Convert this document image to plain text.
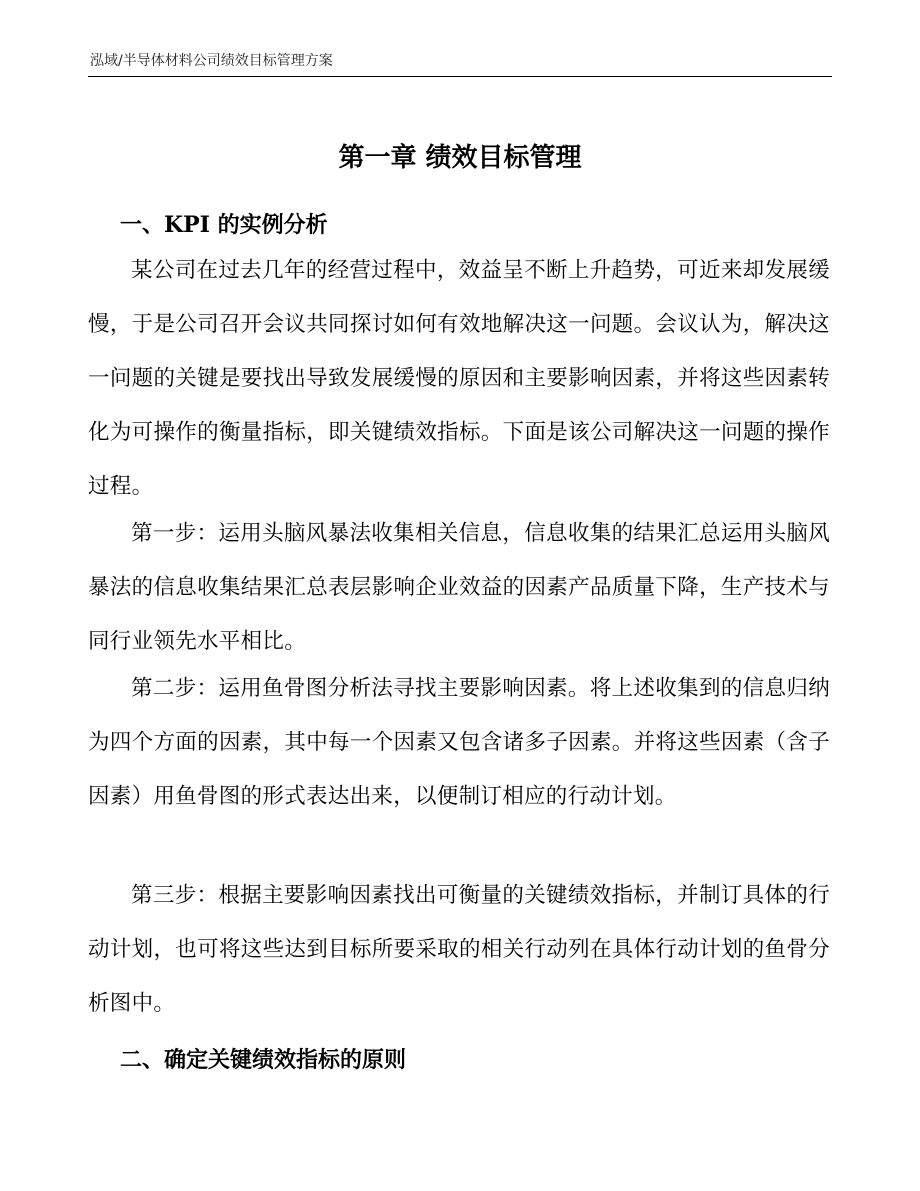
泓域/半导体材料公司绩效目标管理方案
第一章 绩效目标管理
一、KPI 的实例分析
某公司在过去几年的经营过程中，效益呈不断上升趋势，可近来却发展缓慢，于是公司召开会议共同探讨如何有效地解决这一问题。会议认为，解决这一问题的关键是要找出导致发展缓慢的原因和主要影响因素，并将这些因素转化为可操作的衡量指标，即关键绩效指标。下面是该公司解决这一问题的操作过程。
第一步：运用头脑风暴法收集相关信息，信息收集的结果汇总运用头脑风暴法的信息收集结果汇总表层影响企业效益的因素产品质量下降，生产技术与同行业领先水平相比。
第二步：运用鱼骨图分析法寻找主要影响因素。将上述收集到的信息归纳为四个方面的因素，其中每一个因素又包含诸多子因素。并将这些因素（含子因素）用鱼骨图的形式表达出来，以便制订相应的行动计划。
第三步：根据主要影响因素找出可衡量的关键绩效指标，并制订具体的行动计划，也可将这些达到目标所要采取的相关行动列在具体行动计划的鱼骨分析图中。
二、确定关键绩效指标的原则
